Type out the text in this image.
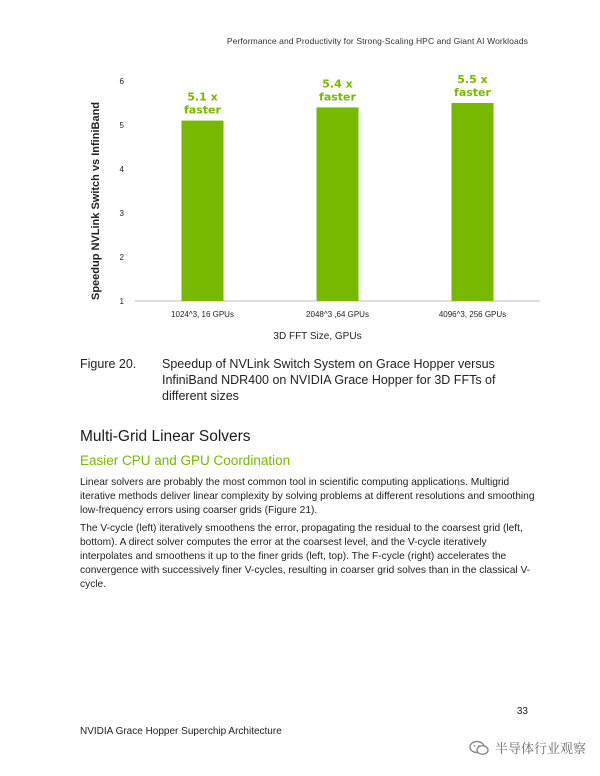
Performance and Productivity for Strong-Scaling HPC and Giant AI Workloads
1
2
3
4
5
6
Speedup NVLink Switch vs InfiniBand
5.1 x
faster
1024^3, 16 GPUs
5.4 x
faster
2048^3 ,64 GPUs
5.5 x
faster
4096^3, 256 GPUs
3D FFT Size, GPUs
Figure 20. Speedup of NVLink Switch System on Grace Hopper versus InfiniBand NDR400 on NVIDIA Grace Hopper for 3D FFTs of different sizes
Multi-Grid Linear Solvers
Easier CPU and GPU Coordination

Linear solvers are probably the most common tool in scientific computing applications. Multigrid iterative methods deliver linear complexity by solving problems at different resolutions and smoothing low-frequency errors using coarser grids (Figure 21).

The V-cycle (left) iteratively smoothens the error, propagating the residual to the coarsest grid (left, bottom). A direct solver computes the error at the coarsest level, and the V-cycle iteratively interpolates and smoothens it up to the finer grids (left, top). The F-cycle (right) accelerates the convergence with successively finer V-cycles, resulting in coarser grid solves than in the classical V-cycle.

33
NVIDIA Grace Hopper Superchip Architecture
半导体行业观察
